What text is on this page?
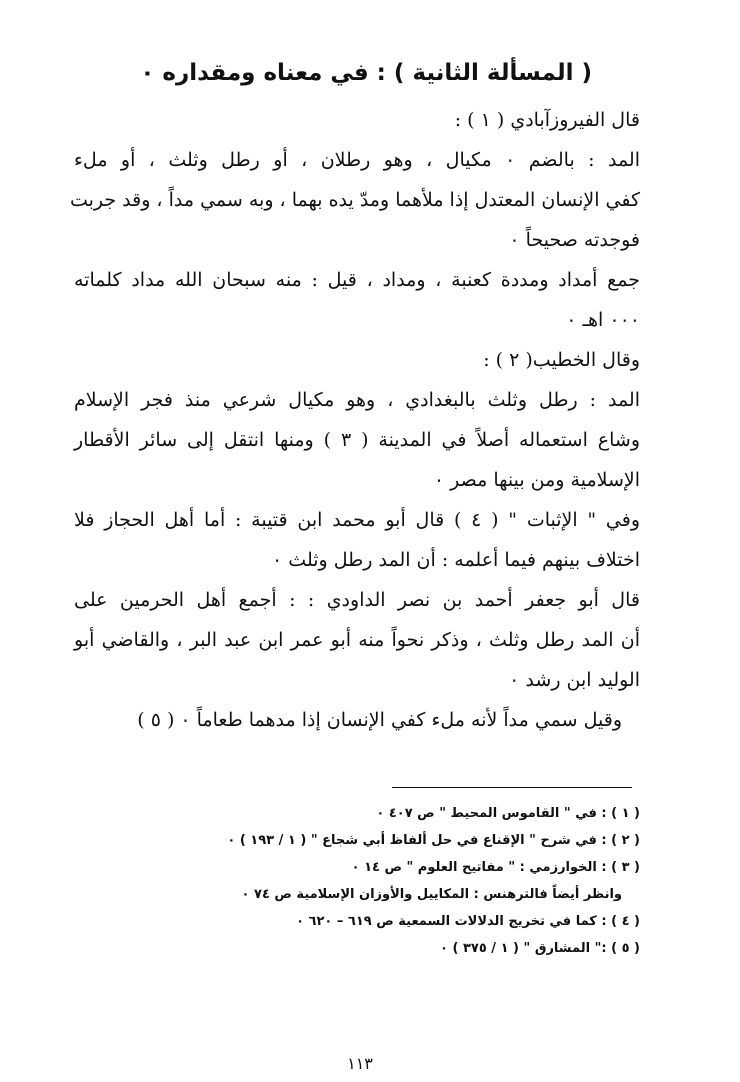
( المسألة الثانية ) : في معناه ومقداره ٠
قال الفيروزآبادي ( ١ ) :
المد : بالضم ٠ مكيال ، وهو رطلان ، أو رطل وثلث ، أو ملء
كفي الإنسان المعتدل إذا ملأهما ومدّ يده بهما ، وبه سمي مداً ، وقد جربت
فوجدته صحيحاً ٠
جمع أمداد ومددة كعنبة ، ومداد ، قيل : منه سبحان الله مداد كلماته
٠٠٠ اهـ ٠
وقال الخطيب( ٢ ) :
المد : رطل وثلث بالبغدادي ، وهو مكيال شرعي منذ فجر الإسلام
وشاع استعماله أصلاً في المدينة ( ٣ ) ومنها انتقل إلى سائر الأقطار
الإسلامية ومن بينها مصر ٠
وفي " الإثبات " ( ٤ ) قال أبو محمد ابن قتيبة : أما أهل الحجاز فلا
اختلاف بينهم فيما أعلمه : أن المد رطل وثلث ٠
قال أبو جعفر أحمد بن نصر الداودي : : أجمع أهل الحرمين على
أن المد رطل وثلث ، وذكر نحواً منه أبو عمر ابن عبد البر ، والقاضي أبو
الوليد ابن رشد ٠
وقيل سمي مداً لأنه ملء كفي الإنسان إذا مدهما طعاماً ٠ ( ٥ )
( ١ ) : في " القاموس المحيط " ص ٤٠٧ ٠
( ٢ ) : في شرح " الإقناع في حل ألفاظ أبي شجاع " ( ١ / ١٩٣ ) ٠
( ٣ ) : الخوارزمي : " مفاتيح العلوم " ص ١٤ ٠
وانظر أيضاً فالترهنس : المكاييل والأوزان الإسلامية ص ٧٤ ٠
( ٤ ) : كما في تخريج الدلالات السمعية ص ٦١٩ – ٦٢٠ ٠
( ٥ ) :" المشارق " ( ١ / ٣٧٥ ) ٠
١١٣
